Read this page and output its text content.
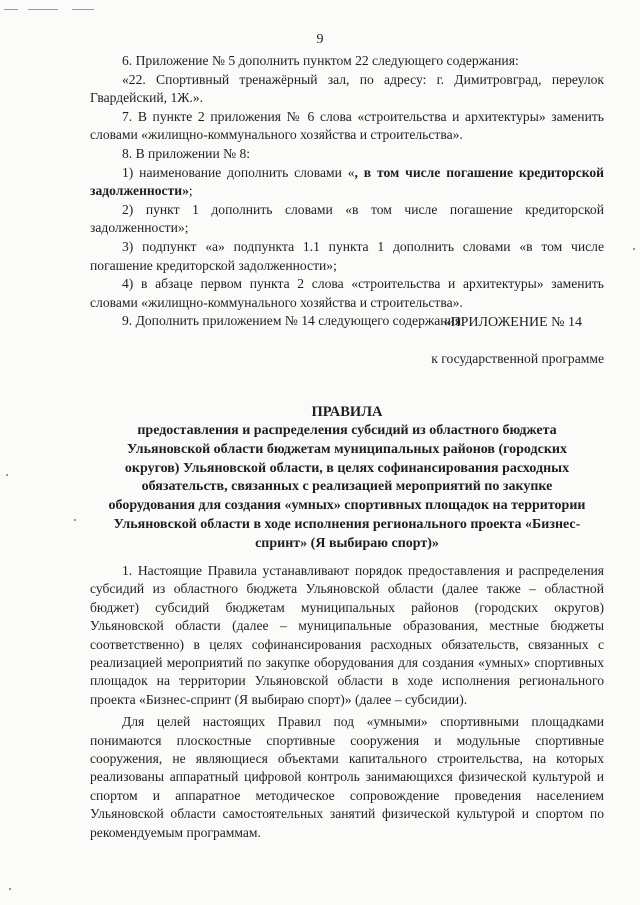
9

6. Приложение № 5 дополнить пунктом 22 следующего содержания:

«22. Спортивный тренажёрный зал, по адресу: г. Димитровград, переулок Гвардейский, 1Ж.».

7. В пункте 2 приложения № 6 слова «строительства и архитектуры» заменить словами «жилищно-коммунального хозяйства и строительства».

8. В приложении № 8:

1) наименование дополнить словами «, в том числе погашение кредиторской задолженности»;

2) пункт 1 дополнить словами «в том числе погашение кредиторской задолженности»;

3) подпункт «а» подпункта 1.1 пункта 1 дополнить словами «в том числе погашение кредиторской задолженности»;

4) в абзаце первом пункта 2 слова «строительства и архитектуры» заменить словами «жилищно-коммунального хозяйства и строительства».

9. Дополнить приложением № 14 следующего содержания:

«ПРИЛОЖЕНИЕ № 14
к государственной программе
ПРАВИЛА
предоставления и распределения субсидий из областного бюджета Ульяновской области бюджетам муниципальных районов (городских округов) Ульяновской области, в целях софинансирования расходных обязательств, связанных с реализацией мероприятий по закупке оборудования для создания «умных» спортивных площадок на территории Ульяновской области в ходе исполнения регионального проекта «Бизнес-спринт» (Я выбираю спорт)»

1. Настоящие Правила устанавливают порядок предоставления и распределения субсидий из областного бюджета Ульяновской области (далее также – областной бюджет) субсидий бюджетам муниципальных районов (городских округов) Ульяновской области (далее – муниципальные образования, местные бюджеты соответственно) в целях софинансирования расходных обязательств, связанных с реализацией мероприятий по закупке оборудования для создания «умных» спортивных площадок на территории Ульяновской области в ходе исполнения регионального проекта «Бизнес-спринт (Я выбираю спорт)» (далее – субсидии).

Для целей настоящих Правил под «умными» спортивными площадками понимаются плоскостные спортивные сооружения и модульные спортивные сооружения, не являющиеся объектами капитального строительства, на которых реализованы аппаратный цифровой контроль занимающихся физической культурой и спортом и аппаратное методическое сопровождение проведения населением Ульяновской области самостоятельных занятий физической культурой и спортом по рекомендуемым программам.
